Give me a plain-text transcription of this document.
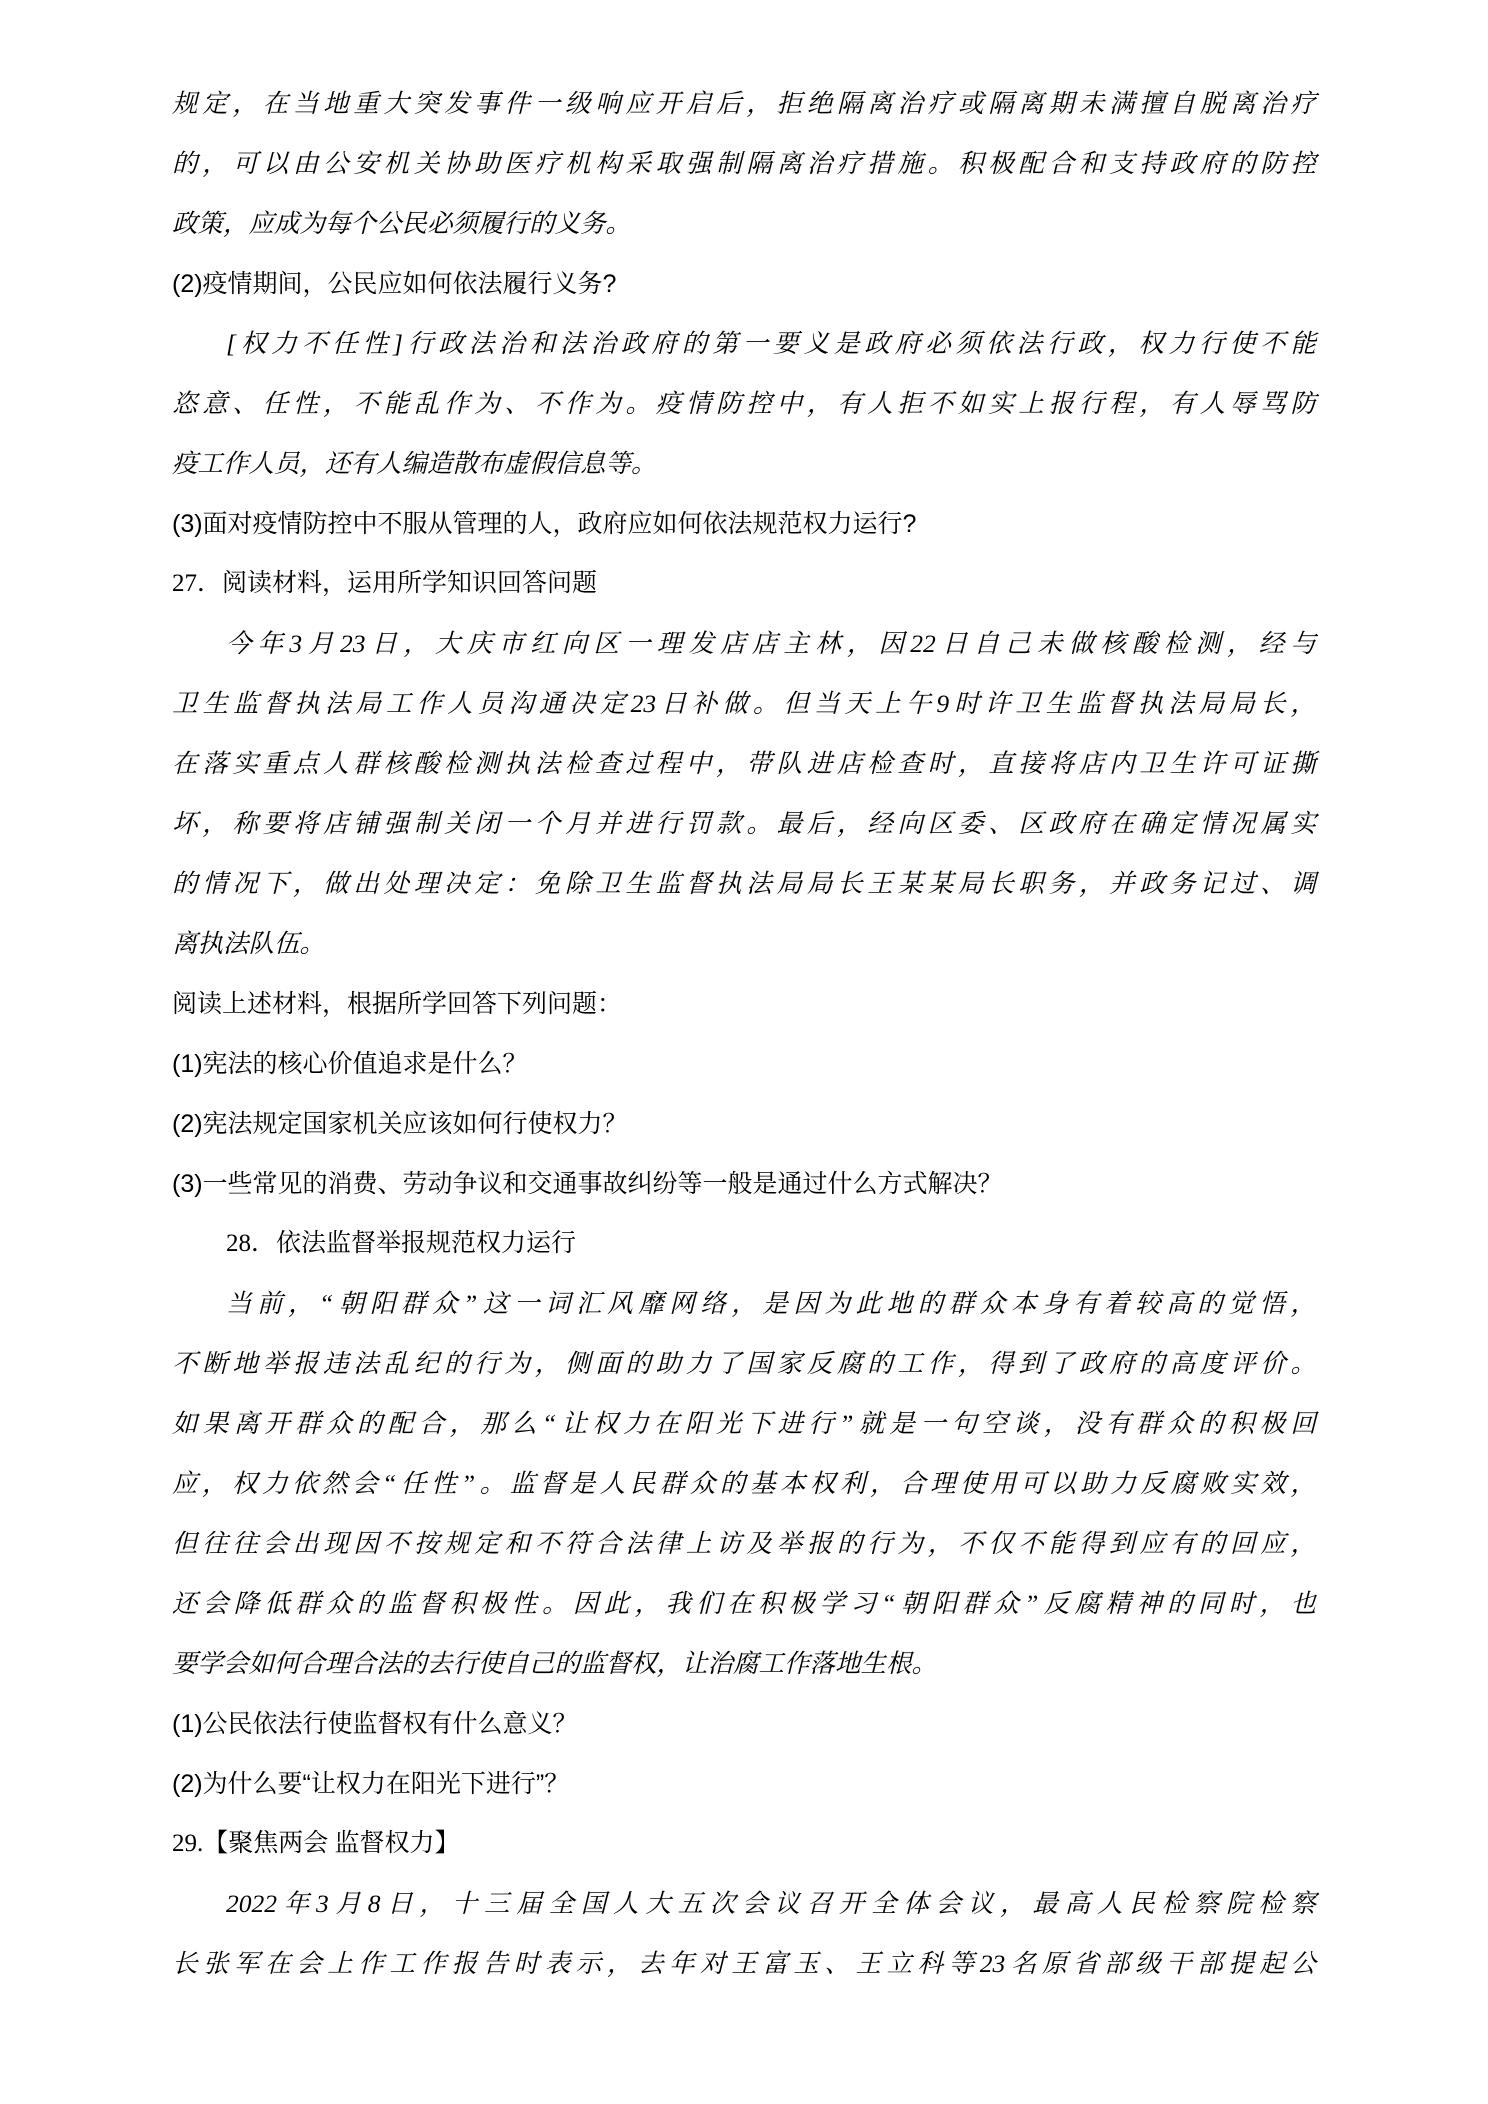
规定，在当地重大突发事件一级响应开启后，拒绝隔离治疗或隔离期未满擅自脱离治疗
的，可以由公安机关协助医疗机构采取强制隔离治疗措施。积极配合和支持政府的防控
政策，应成为每个公民必须履行的义务。
(2)疫情期间，公民应如何依法履行义务?
[权力不任性]行政法治和法治政府的第一要义是政府必须依法行政，权力行使不能
恣意、任性，不能乱作为、不作为。疫情防控中，有人拒不如实上报行程，有人辱骂防
疫工作人员，还有人编造散布虚假信息等。
(3)面对疫情防控中不服从管理的人，政府应如何依法规范权力运行?
27．阅读材料，运用所学知识回答问题
今年3月23日，大庆市红向区一理发店店主林，因22日自己未做核酸检测，经与
卫生监督执法局工作人员沟通决定23日补做。但当天上午9时许卫生监督执法局局长，
在落实重点人群核酸检测执法检查过程中，带队进店检查时，直接将店内卫生许可证撕
坏，称要将店铺强制关闭一个月并进行罚款。最后，经向区委、区政府在确定情况属实
的情况下，做出处理决定：免除卫生监督执法局局长王某某局长职务，并政务记过、调
离执法队伍。
阅读上述材料，根据所学回答下列问题：
(1)宪法的核心价值追求是什么？
(2)宪法规定国家机关应该如何行使权力？
(3)一些常见的消费、劳动争议和交通事故纠纷等一般是通过什么方式解决？
28．依法监督举报规范权力运行
当前，“朝阳群众”这一词汇风靡网络，是因为此地的群众本身有着较高的觉悟，
不断地举报违法乱纪的行为，侧面的助力了国家反腐的工作，得到了政府的高度评价。
如果离开群众的配合，那么“让权力在阳光下进行”就是一句空谈，没有群众的积极回
应，权力依然会“任性”。监督是人民群众的基本权利，合理使用可以助力反腐败实效，
但往往会出现因不按规定和不符合法律上访及举报的行为，不仅不能得到应有的回应，
还会降低群众的监督积极性。因此，我们在积极学习“朝阳群众”反腐精神的同时，也
要学会如何合理合法的去行使自己的监督权，让治腐工作落地生根。
(1)公民依法行使监督权有什么意义？
(2)为什么要“让权力在阳光下进行”？
29.【聚焦两会 监督权力】
2022年3月8日，十三届全国人大五次会议召开全体会议，最高人民检察院检察
长张军在会上作工作报告时表示，去年对王富玉、王立科等23名原省部级干部提起公
